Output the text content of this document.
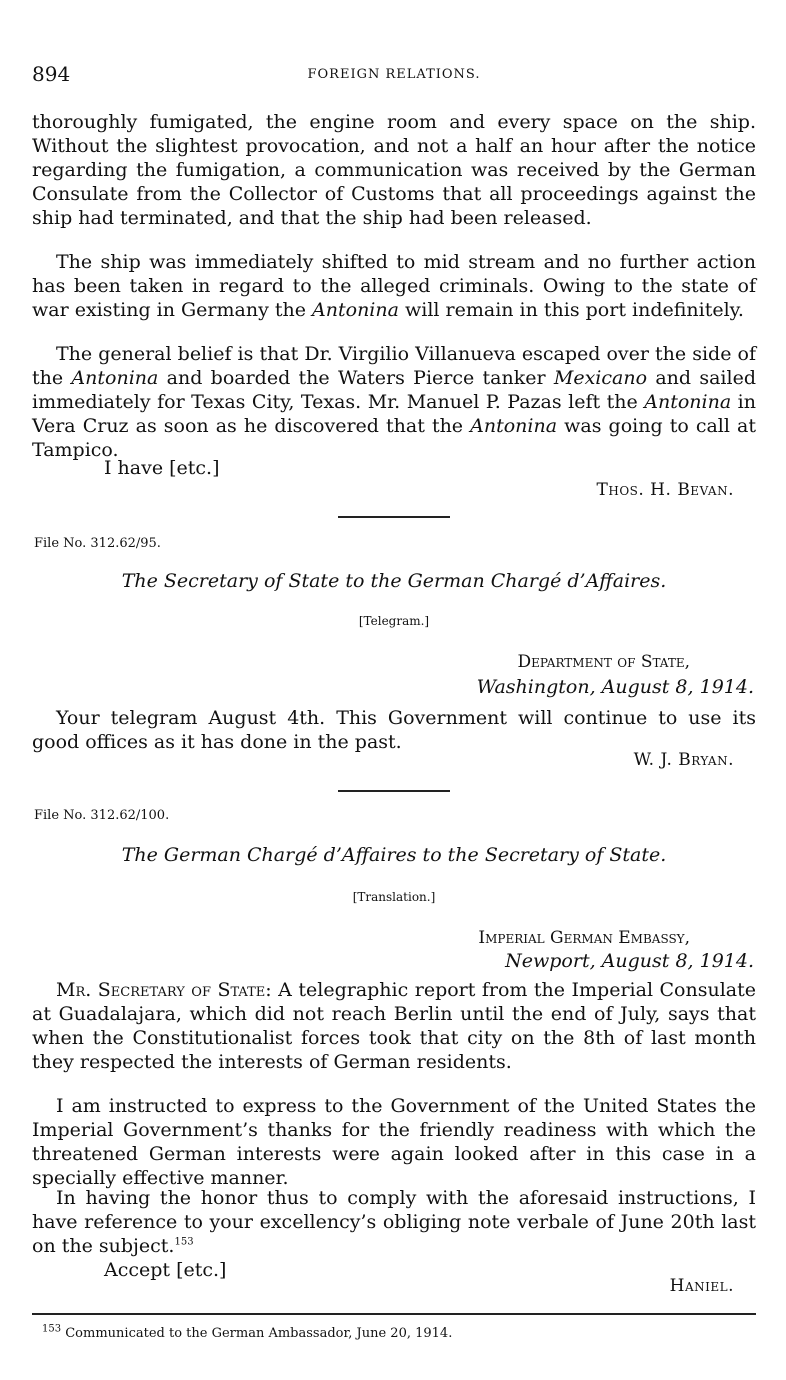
894	FOREIGN RELATIONS.

thoroughly fumigated, the engine room and every space on the ship. Without the slightest provocation, and not a half an hour after the notice regarding the fumigation, a communication was received by the German Consulate from the Collector of Customs that all proceedings against the ship had terminated, and that the ship had been released.

The ship was immediately shifted to mid stream and no further action has been taken in regard to the alleged criminals. Owing to the state of war existing in Germany the Antonina will remain in this port indefinitely.

The general belief is that Dr. Virgilio Villanueva escaped over the side of the Antonina and boarded the Waters Pierce tanker Mexicano and sailed immediately for Texas City, Texas. Mr. Manuel P. Pazas left the Antonina in Vera Cruz as soon as he discovered that the Antonina was going to call at Tampico.

I have [etc.]

Thos. H. Bevan.

File No. 312.62/95.

The Secretary of State to the German Chargé d’Affaires.

[Telegram.]

Department of State,

Washington, August 8, 1914.

Your telegram August 4th. This Government will continue to use its good offices as it has done in the past.

W. J. Bryan.

File No. 312.62/100.

The German Chargé d’Affaires to the Secretary of State.

[Translation.]

Imperial German Embassy,

Newport, August 8, 1914.

Mr. Secretary of State: A telegraphic report from the Imperial Consulate at Guadalajara, which did not reach Berlin until the end of July, says that when the Constitutionalist forces took that city on the 8th of last month they respected the interests of German residents.

I am instructed to express to the Government of the United States the Imperial Government’s thanks for the friendly readiness with which the threatened German interests were again looked after in this case in a specially effective manner.

In having the honor thus to comply with the aforesaid instructions, I have reference to your excellency’s obliging note verbale of June 20th last on the subject.$^{153}$

Accept [etc.]

Haniel.

$^{153}$ Communicated to the German Ambassador, June 20, 1914.
